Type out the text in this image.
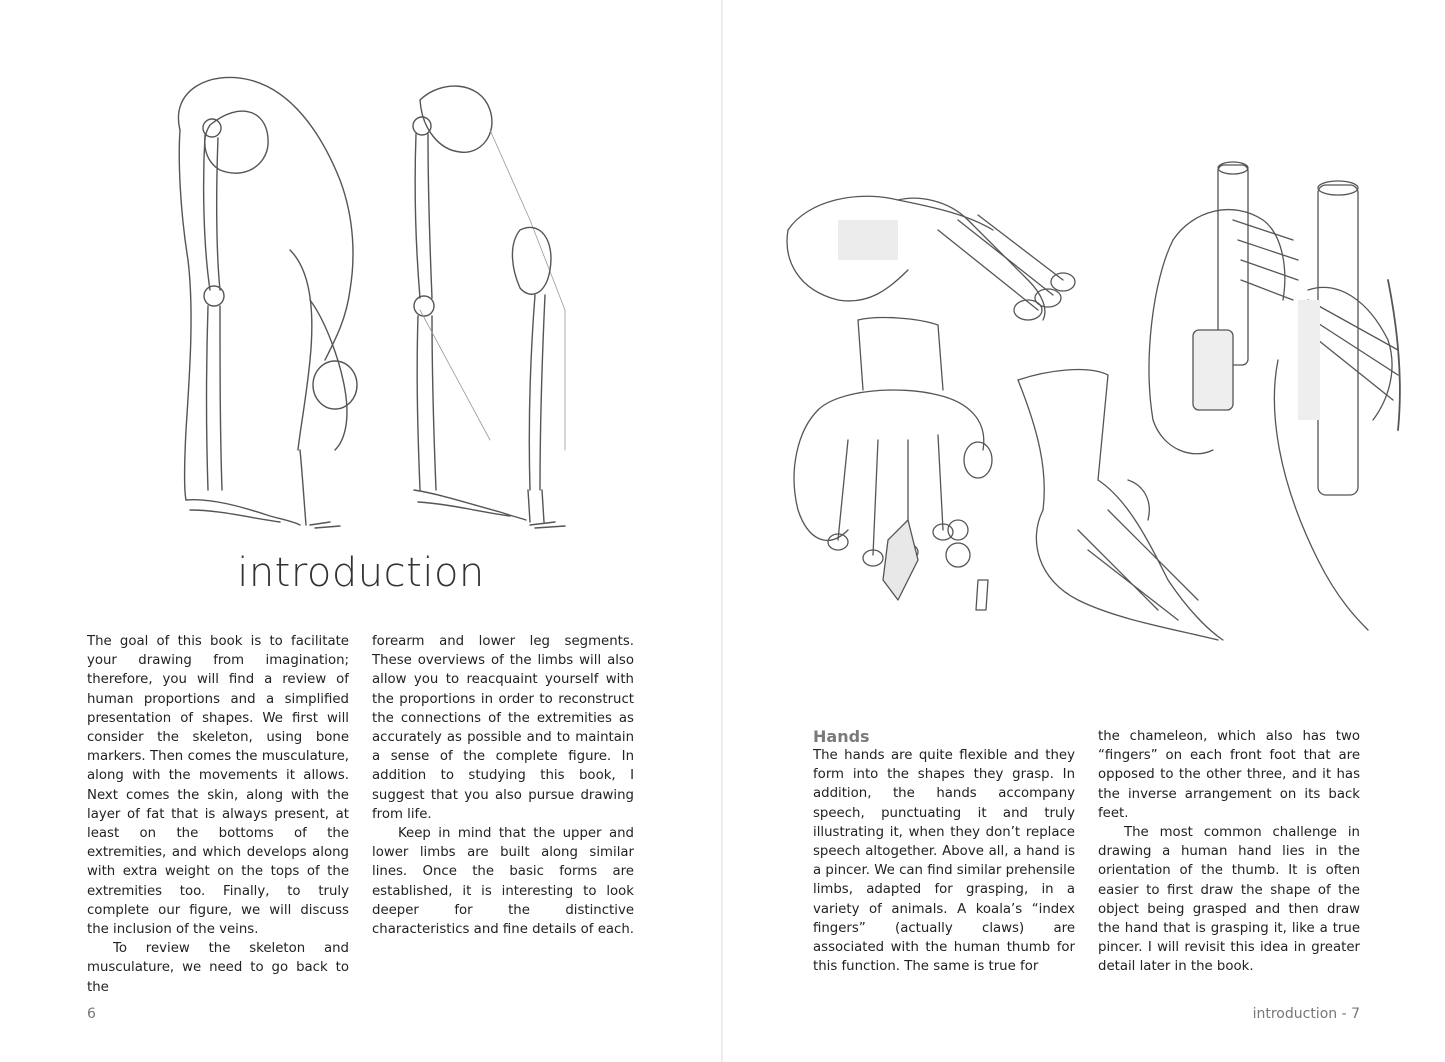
introduction

The goal of this book is to facilitate your drawing from imagination; therefore, you will find a review of human proportions and a simplified presentation of shapes. We first will consider the skeleton, using bone markers. Then comes the musculature, along with the movements it allows. Next comes the skin, along with the layer of fat that is always present, at least on the bottoms of the extremities, and which develops along with extra weight on the tops of the extremities too. Finally, to truly complete our figure, we will discuss the inclusion of the veins.

To review the skeleton and musculature, we need to go back to the

forearm and lower leg segments. These overviews of the limbs will also allow you to reacquaint yourself with the proportions in order to reconstruct the connections of the extremities as accurately as possible and to maintain a sense of the complete figure. In addition to studying this book, I suggest that you also pursue drawing from life.

Keep in mind that the upper and lower limbs are built along similar lines. Once the basic forms are established, it is interesting to look deeper for the distinctive characteristics and fine details of each.

6
Hands

The hands are quite flexible and they form into the shapes they grasp. In addition, the hands accompany speech, punctuating it and truly illustrating it, when they don’t replace speech altogether. Above all, a hand is a pincer. We can find similar prehensile limbs, adapted for grasping, in a variety of animals. A koala’s “index fingers” (actually claws) are associated with the human thumb for this function. The same is true for

the chameleon, which also has two “fingers” on each front foot that are opposed to the other three, and it has the inverse arrangement on its back feet.

The most common challenge in drawing a human hand lies in the orientation of the thumb. It is often easier to first draw the shape of the object being grasped and then draw the hand that is grasping it, like a true pincer. I will revisit this idea in greater detail later in the book.

introduction - 7
